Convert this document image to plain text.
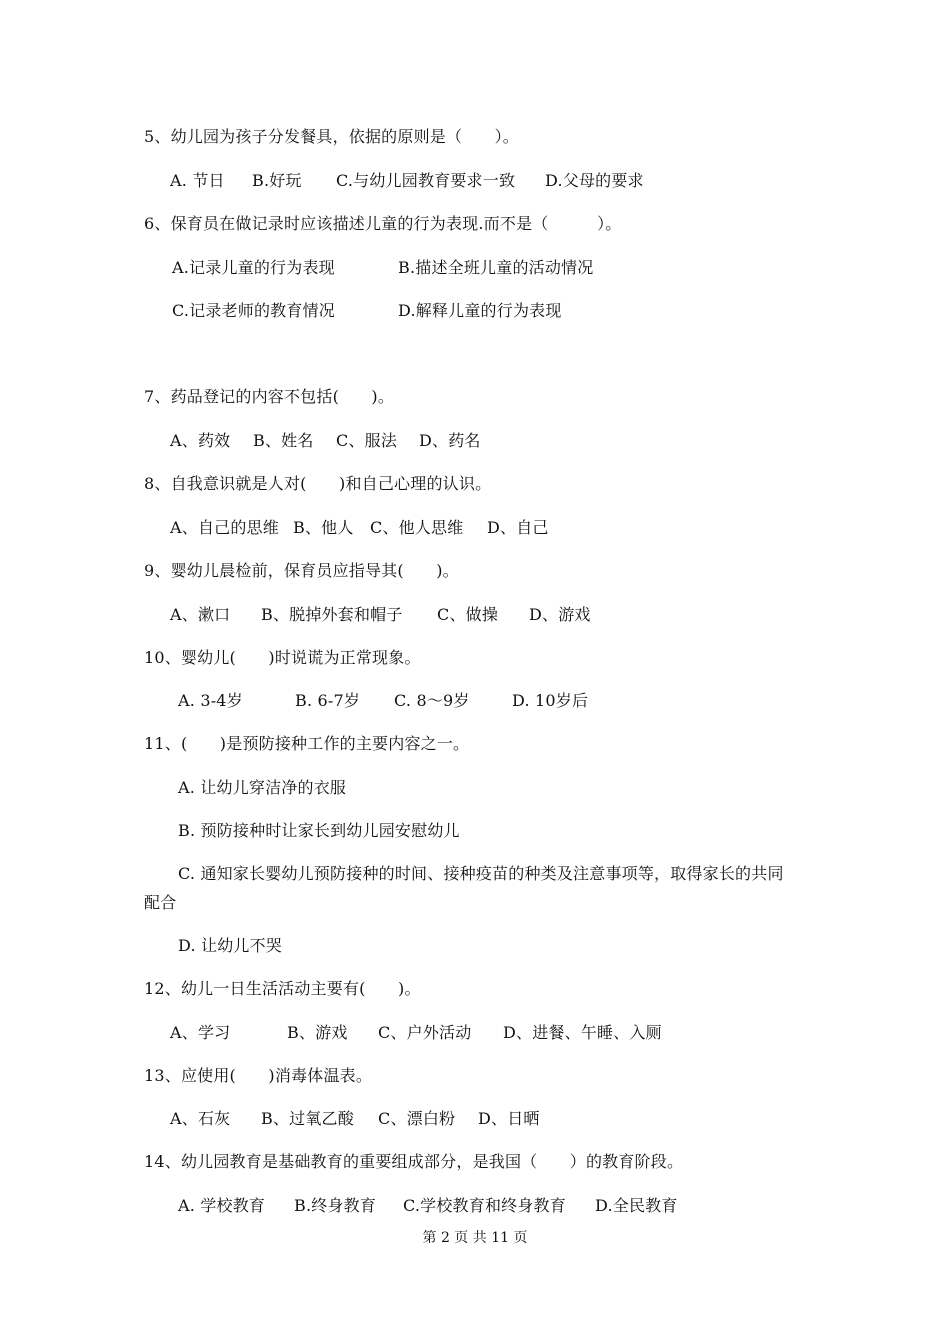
5、幼儿园为孩子分发餐具，依据的原则是（　　）。

A. 节日

B.好玩

C.与幼儿园教育要求一致

D.父母的要求

6、保育员在做记录时应该描述儿童的行为表现.而不是（　　　）。

A.记录儿童的行为表现

	B.描述全班儿童的活动情况

C.记录老师的教育情况

	D.解释儿童的行为表现

7、药品登记的内容不包括(　　)。

A、药效

B、姓名

C、服法

D、药名

8、自我意识就是人对(　　)和自己心理的认识。

A、自己的思维

B、他人

C、他人思维

D、自己

9、婴幼儿晨检前，保育员应指导其(　　)。

A、漱口

B、脱掉外套和帽子

C、做操

D、游戏

10、婴幼儿(　　)时说谎为正常现象。

A. 3-4岁

	B. 6-7岁

C. 8～9岁

	D. 10岁后

11、(　　)是预防接种工作的主要内容之一。
A. 让幼儿穿洁净的衣服
B. 预防接种时让家长到幼儿园安慰幼儿
C. 通知家长婴幼儿预防接种的时间、接种疫苗的种类及注意事项等，取得家长的共同
配合
D. 让幼儿不哭
12、幼儿一日生活活动主要有(　　)。

A、学习

	B、游戏

C、户外活动

D、进餐、午睡、入厕

13、应使用(　　)消毒体温表。

A、石灰

B、过氧乙酸

C、漂白粉

D、日晒

14、幼儿园教育是基础教育的重要组成部分，是我国（　　）的教育阶段。

A. 学校教育

B.终身教育

C.学校教育和终身教育

D.全民教育

第 2 页 共 11 页
